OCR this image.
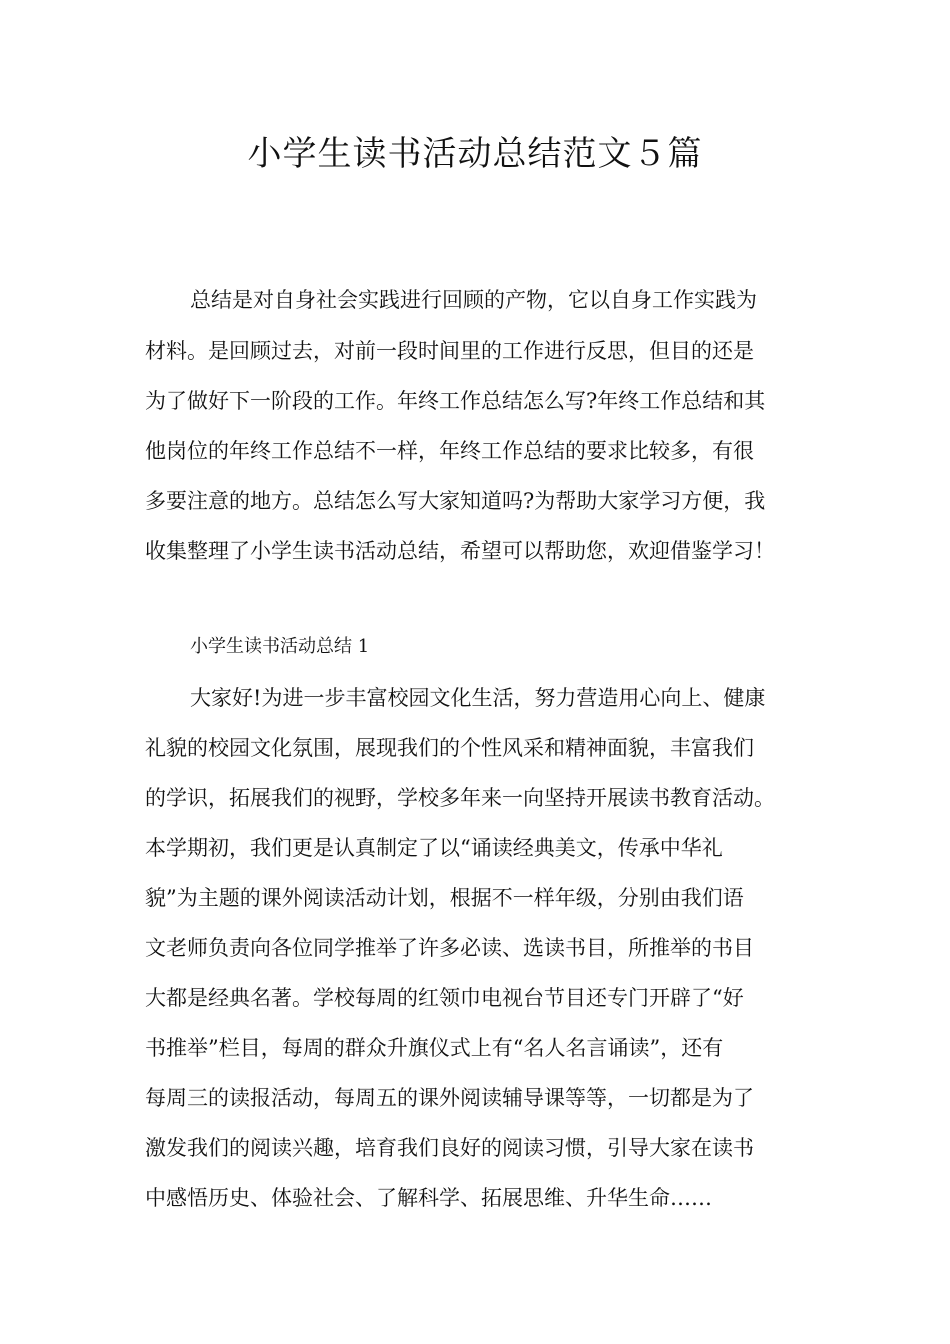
小学生读书活动总结范文５篇
总结是对自身社会实践进行回顾的产物，它以自身工作实践为
材料。是回顾过去，对前一段时间里的工作进行反思，但目的还是
为了做好下一阶段的工作。年终工作总结怎么写?年终工作总结和其
他岗位的年终工作总结不一样，年终工作总结的要求比较多，有很
多要注意的地方。总结怎么写大家知道吗?为帮助大家学习方便，我
收集整理了小学生读书活动总结，希望可以帮助您，欢迎借鉴学习！
小学生读书活动总结 1
大家好!为进一步丰富校园文化生活，努力营造用心向上、健康
礼貌的校园文化氛围，展现我们的个性风采和精神面貌，丰富我们
的学识，拓展我们的视野，学校多年来一向坚持开展读书教育活动。
本学期初，我们更是认真制定了以“诵读经典美文，传承中华礼
貌”为主题的课外阅读活动计划，根据不一样年级，分别由我们语
文老师负责向各位同学推举了许多必读、选读书目，所推举的书目
大都是经典名著。学校每周的红领巾电视台节目还专门开辟了“好
书推举”栏目，每周的群众升旗仪式上有“名人名言诵读”，还有
每周三的读报活动，每周五的课外阅读辅导课等等，一切都是为了
激发我们的阅读兴趣，培育我们良好的阅读习惯，引导大家在读书
中感悟历史、体验社会、了解科学、拓展思维、升华生命……
